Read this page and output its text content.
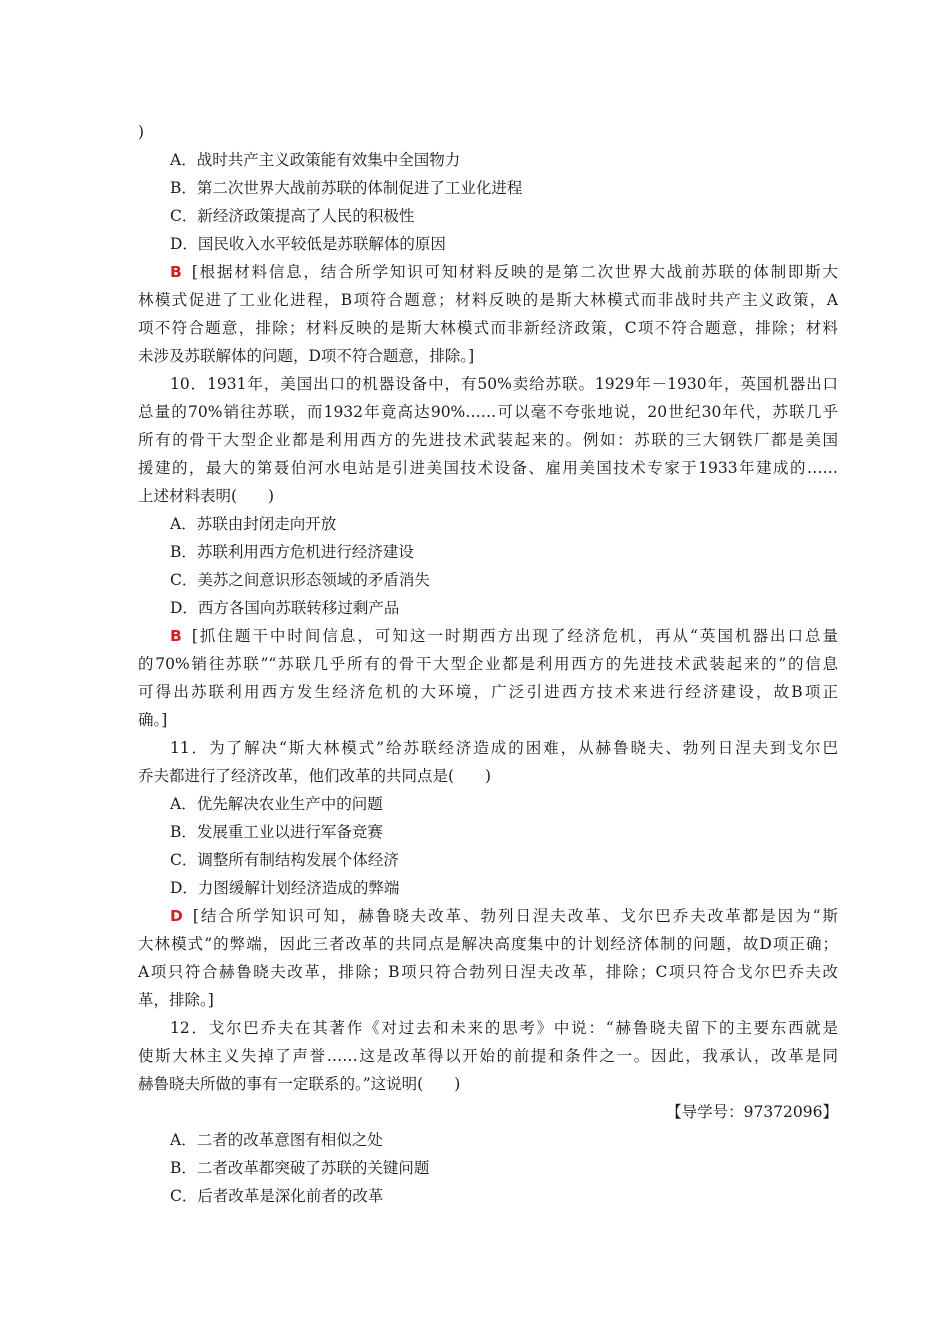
)
A．战时共产主义政策能有效集中全国物力
B．第二次世界大战前苏联的体制促进了工业化进程
C．新经济政策提高了人民的积极性
D．国民收入水平较低是苏联解体的原因
B [根据材料信息，结合所学知识可知材料反映的是第二次世界大战前苏联的体制即斯大
林模式促进了工业化进程，B项符合题意；材料反映的是斯大林模式而非战时共产主义政策，A
项不符合题意，排除；材料反映的是斯大林模式而非新经济政策，C项不符合题意，排除；材料
未涉及苏联解体的问题，D项不符合题意，排除。]
10．1931年，美国出口的机器设备中，有50%卖给苏联。1929年－1930年，英国机器出口
总量的70%销往苏联，而1932年竟高达90%……可以毫不夸张地说，20世纪30年代，苏联几乎
所有的骨干大型企业都是利用西方的先进技术武装起来的。例如：苏联的三大钢铁厂都是美国
援建的，最大的第聂伯河水电站是引进美国技术设备、雇用美国技术专家于1933年建成的……
上述材料表明(　　)
A．苏联由封闭走向开放
B．苏联利用西方危机进行经济建设
C．美苏之间意识形态领域的矛盾消失
D．西方各国向苏联转移过剩产品
B [抓住题干中时间信息，可知这一时期西方出现了经济危机，再从“英国机器出口总量
的70%销往苏联”“苏联几乎所有的骨干大型企业都是利用西方的先进技术武装起来的”的信息
可得出苏联利用西方发生经济危机的大环境，广泛引进西方技术来进行经济建设，故B项正
确。]
11．为了解决“斯大林模式”给苏联经济造成的困难，从赫鲁晓夫、勃列日涅夫到戈尔巴
乔夫都进行了经济改革，他们改革的共同点是(　　)
A．优先解决农业生产中的问题
B．发展重工业以进行军备竞赛
C．调整所有制结构发展个体经济
D．力图缓解计划经济造成的弊端
D [结合所学知识可知，赫鲁晓夫改革、勃列日涅夫改革、戈尔巴乔夫改革都是因为“斯
大林模式”的弊端，因此三者改革的共同点是解决高度集中的计划经济体制的问题，故D项正确；
A项只符合赫鲁晓夫改革，排除；B项只符合勃列日涅夫改革，排除；C项只符合戈尔巴乔夫改
革，排除。]
12．戈尔巴乔夫在其著作《对过去和未来的思考》中说：“赫鲁晓夫留下的主要东西就是
使斯大林主义失掉了声誉……这是改革得以开始的前提和条件之一。因此，我承认，改革是同
赫鲁晓夫所做的事有一定联系的。”这说明(　　)
【导学号：97372096】
A．二者的改革意图有相似之处
B．二者改革都突破了苏联的关键问题
C．后者改革是深化前者的改革
